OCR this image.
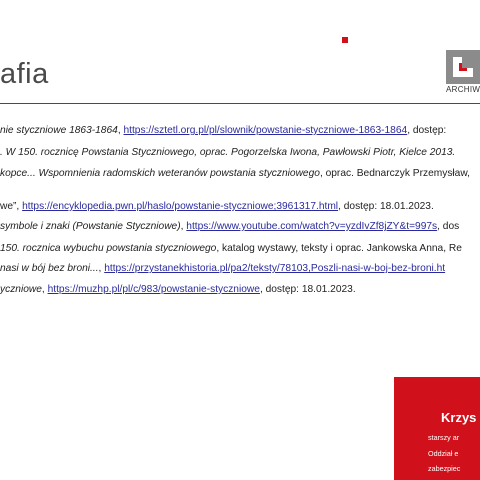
afia	ARCHIW
nie styczniowe 1863-1864, https://sztetl.org.pl/pl/slownik/powstanie-styczniowe-1863-1864, dostęp:
. W 150. rocznicę Powstania Styczniowego, oprac. Pogorzelska Iwona, Pawłowski Piotr, Kielce 2013.
kopce... Wspomnienia radomskich weteranów powstania styczniowego, oprac. Bednarczyk Przemysław,
we”, https://encyklopedia.pwn.pl/haslo/powstanie-styczniowe;3961317.html, dostęp: 18.01.2023.
symbole i znaki (Powstanie Styczniowe), https://www.youtube.com/watch?v=yzdIvZf8jZY&t=997s, dos
150. rocznica wybuchu powstania styczniowego, katalog wystawy, teksty i oprac. Jankowska Anna, Re
nasi w bój bez broni..., https://przystanekhistoria.pl/pa2/teksty/78103,Poszli-nasi-w-boj-bez-broni.ht
yczniowe, https://muzhp.pl/pl/c/983/powstanie-styczniowe, dostęp: 18.01.2023.
Krzys
starszy ar
Oddział e
zabezpiec
